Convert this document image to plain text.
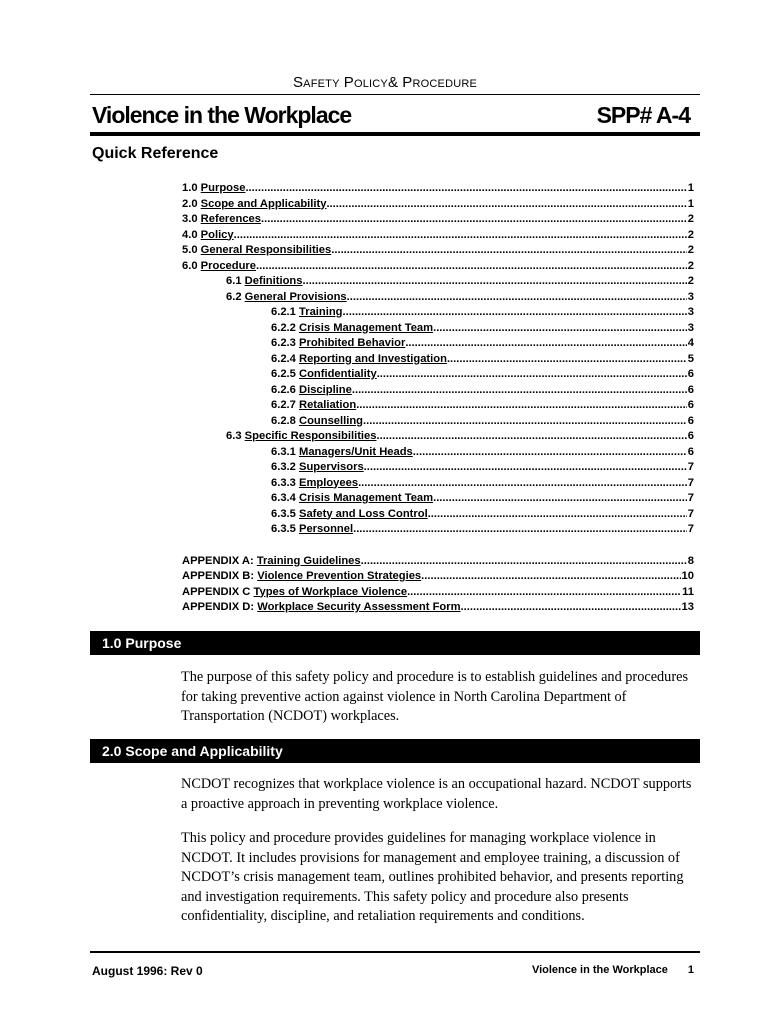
SAFETY POLICY& PROCEDURE
Violence in the Workplace	SPP# A-4
Quick Reference
1.0 Purpose .....	1
2.0 Scope and Applicability .....	1
3.0 References .....	2
4.0 Policy .....	2
5.0 General Responsibilities .....	2
6.0 Procedure .....	2
6.1 Definitions .....	2
6.2 General Provisions .....	3
6.2.1 Training .....	3
6.2.2 Crisis Management Team .....	3
6.2.3 Prohibited Behavior .....	4
6.2.4 Reporting and Investigation .....	5
6.2.5 Confidentiality .....	6
6.2.6 Discipline .....	6
6.2.7 Retaliation .....	6
6.2.8 Counselling .....	6
6.3 Specific Responsibilities .....	6
6.3.1 Managers/Unit Heads .....	6
6.3.2 Supervisors .....	7
6.3.3 Employees .....	7
6.3.4 Crisis Management Team .....	7
6.3.5 Safety and Loss Control .....	7
6.3.5 Personnel .....	7
APPENDIX A: Training Guidelines .....	8
APPENDIX B: Violence Prevention Strategies .....	10
APPENDIX C Types of Workplace Violence .....	11
APPENDIX D: Workplace Security Assessment Form .....	13
1.0 Purpose
The purpose of this safety policy and procedure is to establish guidelines and procedures for taking preventive action against violence in North Carolina Department of Transportation (NCDOT) workplaces.
2.0 Scope and Applicability
NCDOT recognizes that workplace violence is an occupational hazard. NCDOT supports a proactive approach in preventing workplace violence.
This policy and procedure provides guidelines for managing workplace violence in NCDOT. It includes provisions for management and employee training, a discussion of NCDOT’s crisis management team, outlines prohibited behavior, and presents reporting and investigation requirements. This safety policy and procedure also presents confidentiality, discipline, and retaliation requirements and conditions.
August 1996: Rev 0	Violence in the Workplace 1
